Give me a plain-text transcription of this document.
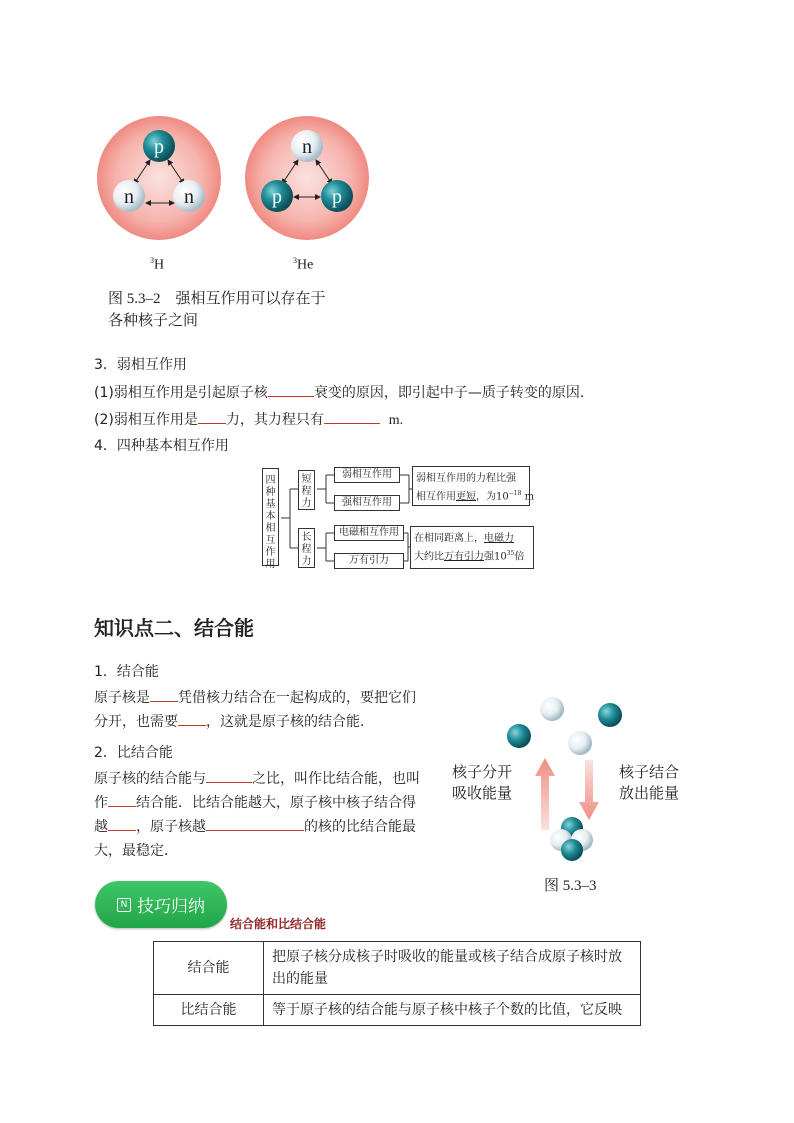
p
n	n
n
p	p
$^3$H	$^3$He
图 5.3–2　强相互作用可以存在于
各种核子之间
3．弱相互作用
(1)弱相互作用是引起原子核	衰变的原因，即引起中子—质子转变的原因．
(2)弱相互作用是 力，其力程只有	m.
4．四种基本相互作用
四种基本相互作用
短程力
长程力
弱相互作用
强相互作用
电磁相互作用
万有引力
弱相互作用的力程比强
相互作用更短，为$10^{-18}$ m
在相同距离上，电磁力
大约比万有引力强$10^{35}$倍
知识点二、结合能
1．结合能
原子核是 凭借核力结合在一起构成的，要把它们
分开，也需要 ，这就是原子核的结合能．
2．比结合能
原子核的结合能与	之比，叫作比结合能，也叫
作 结合能．比结合能越大，原子核中核子结合得
越 ，原子核越	的核的比结合能最
大，最稳定．
核子分开
吸收能量
核子结合
放出能量
图 5.3–3
N 技巧归纳
结合能和比结合能
结合能	把原子核分成核子时吸收的能量或核子结合成原子核时放
出的能量

比结合能	等于原子核的结合能与原子核中核子个数的比值，它反映
